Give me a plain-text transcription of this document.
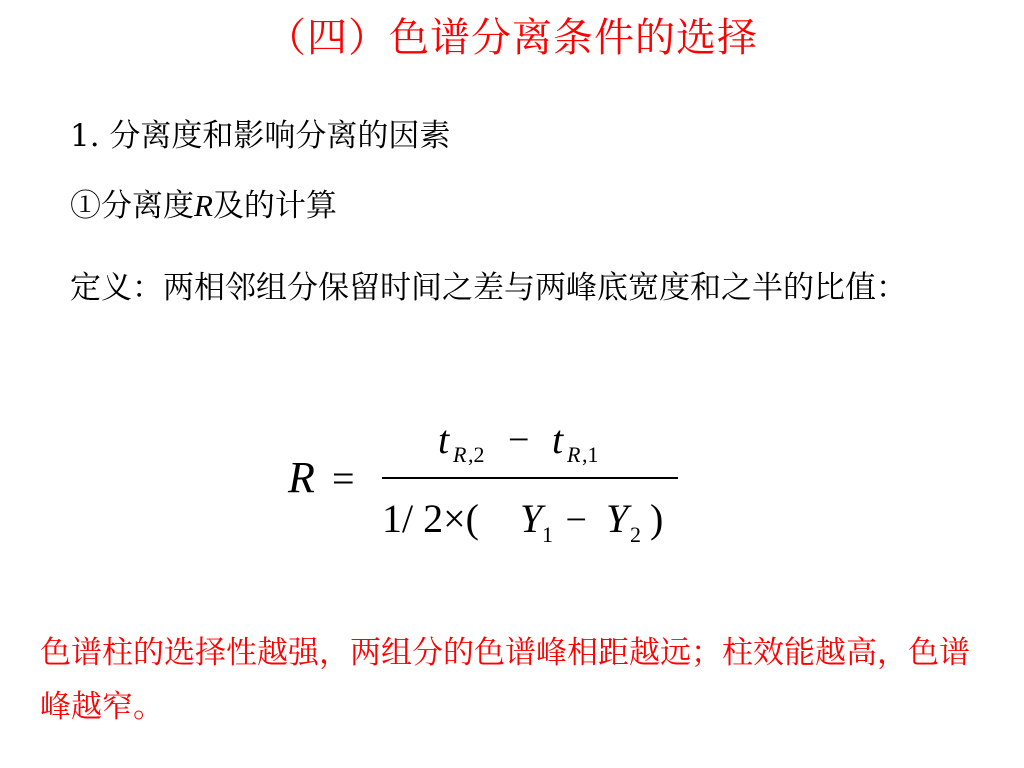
（四）色谱分离条件的选择
1. 分离度和影响分离的因素
①分离度R及的计算
定义：两相邻组分保留时间之差与两峰底宽度和之半的比值：
R =
t R ,2 − t R ,1
1/ 2×( Y 1 − Y 2 )
色谱柱的选择性越强，两组分的色谱峰相距越远；柱效能越高，色谱峰越窄。
